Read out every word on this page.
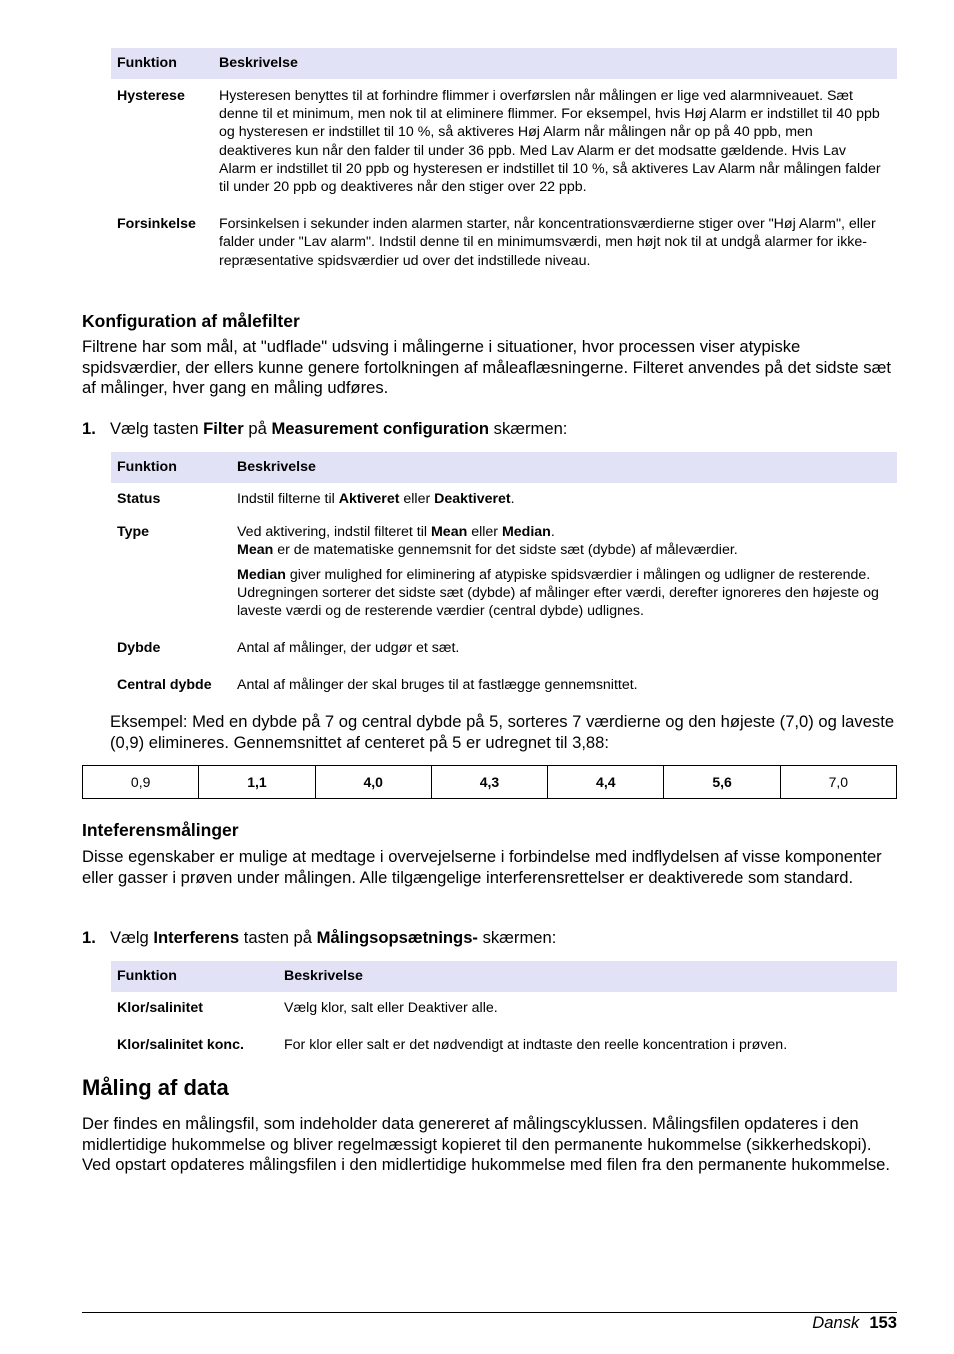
Funktion	Beskrivelse
Hysterese	Hysteresen benyttes til at forhindre flimmer i overførslen når målingen er lige ved alarmniveauet. Sæt denne til et minimum, men nok til at eliminere flimmer. For eksempel, hvis Høj Alarm er indstillet til 40 ppb og hysteresen er indstillet til 10 %, så aktiveres Høj Alarm når målingen når op på 40 ppb, men deaktiveres kun når den falder til under 36 ppb. Med Lav Alarm er det modsatte gældende. Hvis Lav Alarm er indstillet til 20 ppb og hysteresen er indstillet til 10 %, så aktiveres Lav Alarm når målingen falder til under 20 ppb og deaktiveres når den stiger over 22 ppb.
Forsinkelse	Forsinkelsen i sekunder inden alarmen starter, når koncentrationsværdierne stiger over "Høj Alarm", eller falder under "Lav alarm". Indstil denne til en minimumsværdi, men højt nok til at undgå alarmer for ikke-repræsentative spidsværdier ud over det indstillede niveau.
Konfiguration af målefilter

Filtrene har som mål, at "udflade" udsving i målingerne i situationer, hvor processen viser atypiske spidsværdier, der ellers kunne genere fortolkningen af måleaflæsningerne. Filteret anvendes på det sidste sæt af målinger, hver gang en måling udføres.

1. Vælg tasten Filter på Measurement configuration skærmen:

Funktion	Beskrivelse
Status	Indstil filterne til Aktiveret eller Deaktiveret.
Type	Ved aktivering, indstil filteret til Mean eller Median.
Mean er de matematiske gennemsnit for det sidste sæt (dybde) af måleværdier.

Median giver mulighed for eliminering af atypiske spidsværdier i målingen og udligner de resterende. Udregningen sorterer det sidste sæt (dybde) af målinger efter værdi, derefter ignoreres den højeste og laveste værdi og de resterende værdier (central dybde) udlignes.

Dybde	Antal af målinger, der udgør et sæt.
Central dybde	Antal af målinger der skal bruges til at fastlægge gennemsnittet.

Eksempel: Med en dybde på 7 og central dybde på 5, sorteres 7 værdierne og den højeste (7,0) og laveste (0,9) elimineres. Gennemsnittet af centeret på 5 er udregnet til 3,88:

0,9	1,1	4,0	4,3	4,4	5,6	7,0
Inteferensmålinger

Disse egenskaber er mulige at medtage i overvejelserne i forbindelse med indflydelsen af visse komponenter eller gasser i prøven under målingen. Alle tilgængelige interferensrettelser er deaktiverede som standard.

1. Vælg Interferens tasten på Målingsopsætnings- skærmen:

Funktion	Beskrivelse
Klor/salinitet	Vælg klor, salt eller Deaktiver alle.
Klor/salinitet konc.	For klor eller salt er det nødvendigt at indtaste den reelle koncentration i prøven.
Måling af data

Der findes en målingsfil, som indeholder data genereret af målingscyklussen. Målingsfilen opdateres i den midlertidige hukommelse og bliver regelmæssigt kopieret til den permanente hukommelse (sikkerhedskopi). Ved opstart opdateres målingsfilen i den midlertidige hukommelse med filen fra den permanente hukommelse.

Dansk 153
